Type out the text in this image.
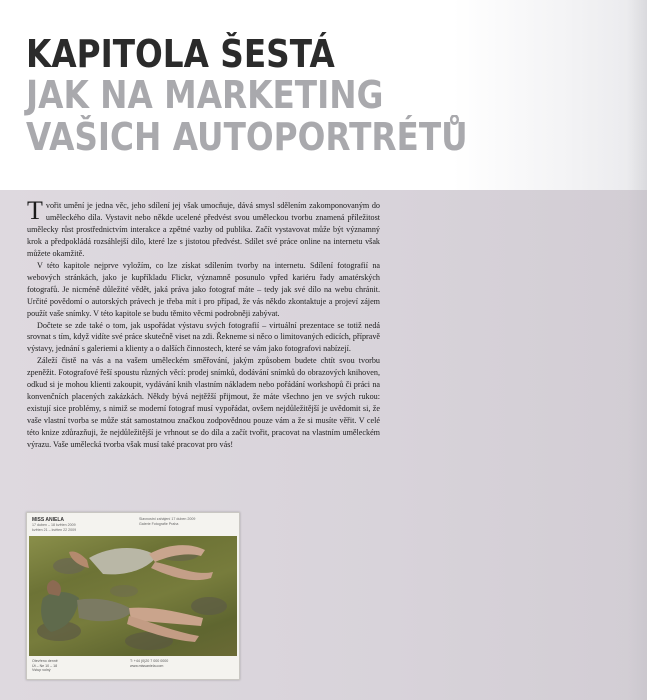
KAPITOLA ŠESTÁ
JAK NA MARKETING
VAŠICH AUTOPORTRÉTŮ

Tvořit umění je jedna věc, jeho sdílení jej však umocňuje, dává smysl sdělením zakomponovaným do uměleckého díla. Vystavit nebo někde ucelené předvést svou uměleckou tvorbu znamená příležitost umělecky růst prostřednictvím interakce a zpětné vazby od publika. Začít vystavovat může být významný krok a předpokládá rozsáhlejší dílo, které lze s jistotou předvést. Sdílet své práce online na internetu však můžete okamžitě.

V této kapitole nejprve vyložím, co lze získat sdílením tvorby na internetu. Sdílení fotografií na webových stránkách, jako je kupříkladu Flickr, významně posunulo vpřed kariéru řady amatérských fotografů. Je nicméně důležité vědět, jaká práva jako fotograf máte – tedy jak své dílo na webu chránit. Určité povědomí o autorských právech je třeba mít i pro případ, že vás někdo zkontaktuje a projeví zájem použít vaše snímky. V této kapitole se budu těmito věcmi podrobněji zabývat.

Dočtete se zde také o tom, jak uspořádat výstavu svých fotografií – virtuální prezentace se totiž nedá srovnat s tím, když vidíte své práce skutečně viset na zdi. Řekneme si něco o limitovaných edicích, přípravě výstavy, jednání s galeriemi a klienty a o dalších činnostech, které se vám jako fotografovi nabízejí.

Záleží čistě na vás a na vašem uměleckém směřování, jakým způsobem budete chtít svou tvorbu zpeněžit. Fotografové řeší spoustu různých věcí: prodej snímků, dodávání snímků do obrazových knihoven, odkud si je mohou klienti zakoupit, vydávání knih vlastním nákladem nebo pořádání workshopů či práci na konvenčních placených zakázkách. Někdy bývá nejtěžší přijmout, že máte všechno jen ve svých rukou: existují sice problémy, s nimiž se moderní fotograf musí vypořádat, ovšem nejdůležitější je uvědomit si, že vaše vlastní tvorba se může stát samostatnou značkou zodpovědnou pouze vám a že si musíte věřit. V celé této knize zdůrazňuji, že nejdůležitější je vrhnout se do díla a začít tvořit, pracovat na vlastním uměleckém výrazu. Vaše umělecká tvorba však musí také pracovat pro vás!

MISS ANIELA
17 duben – 18 květen 2009
květen 21 – květen 22 2009
Slavnostní zahájení 17 duben 2009
Galerie Fotografie Praha
Otevřeno denně
Út – Ne 10 – 18
Vstup volný
T: +44 (0)20 7 000 0000
www.missaniela.com
